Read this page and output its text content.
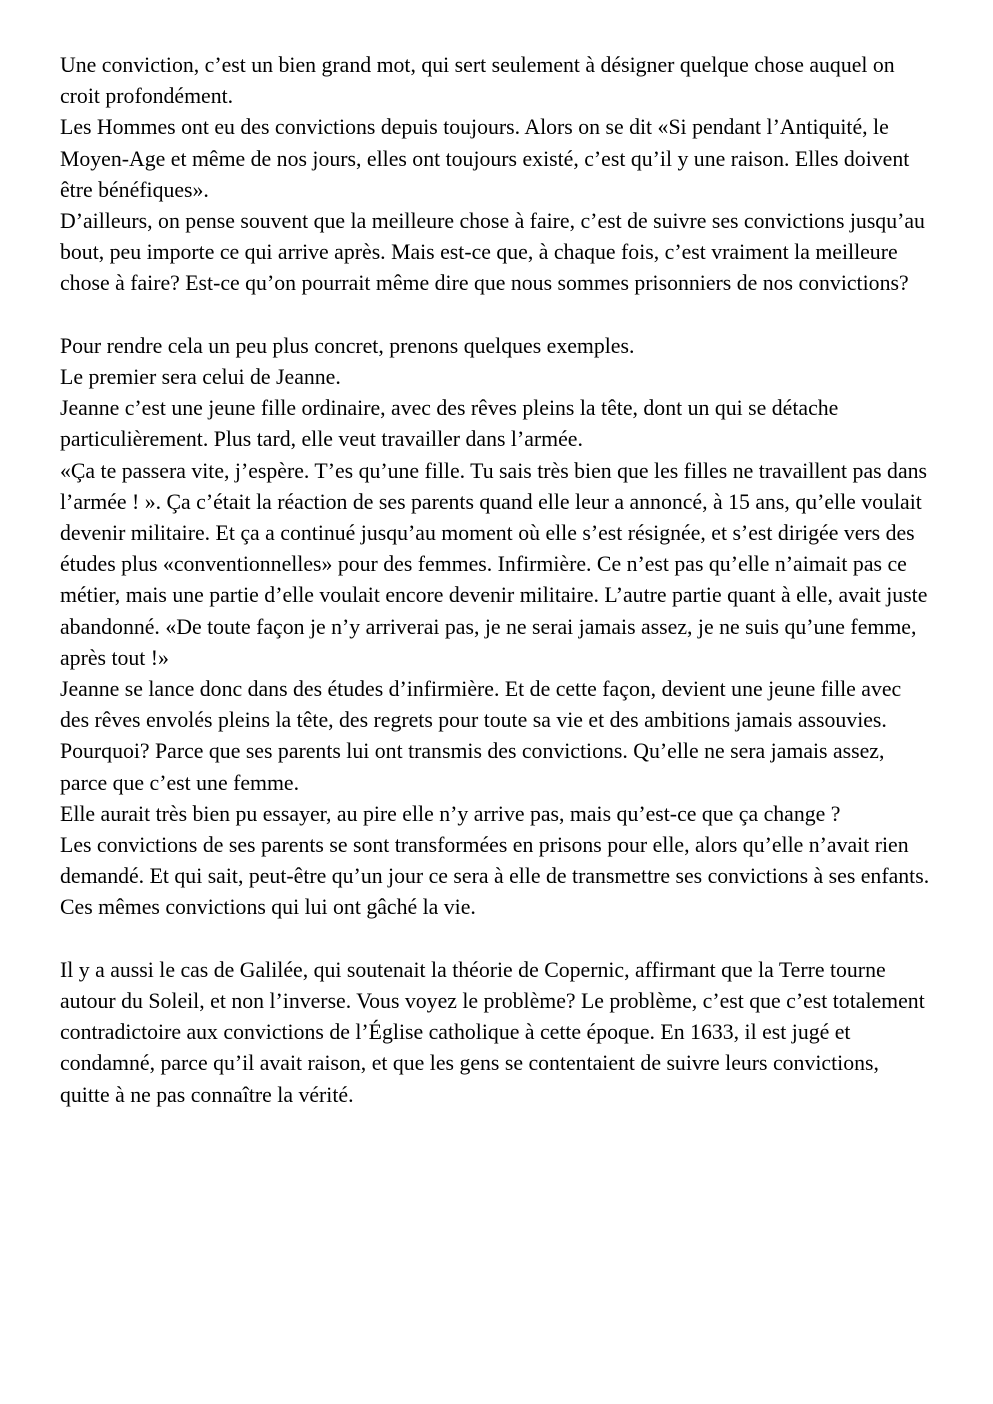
Une conviction, c’est un bien grand mot, qui sert seulement à désigner quelque chose auquel on croit profondément.
Les Hommes ont eu des convictions depuis toujours. Alors on se dit «Si pendant l’Antiquité, le Moyen-Age et même de nos jours, elles ont toujours existé, c’est qu’il y une raison. Elles doivent être bénéfiques».
D’ailleurs, on pense souvent que la meilleure chose à faire, c’est de suivre ses convictions jusqu’au bout, peu importe ce qui arrive après. Mais est-ce que, à chaque fois, c’est vraiment la meilleure chose à faire? Est-ce qu’on pourrait même dire que nous sommes prisonniers de nos convictions?
Pour rendre cela un peu plus concret, prenons quelques exemples.
Le premier sera celui de Jeanne.
Jeanne c’est une jeune fille ordinaire, avec des rêves pleins la tête, dont un qui se détache particulièrement. Plus tard, elle veut travailler dans l’armée.
«Ça te passera vite, j’espère. T’es qu’une fille. Tu sais très bien que les filles ne travaillent pas dans l’armée ! ». Ça c’était la réaction de ses parents quand elle leur a annoncé, à 15 ans, qu’elle voulait devenir militaire. Et ça a continué jusqu’au moment où elle s’est résignée, et s’est dirigée vers des études plus «conventionnelles» pour des femmes. Infirmière. Ce n’est pas qu’elle n’aimait pas ce métier, mais une partie d’elle voulait encore devenir militaire. L’autre partie quant à elle, avait juste abandonné. «De toute façon je n’y arriverai pas, je ne serai jamais assez, je ne suis qu’une femme, après tout !»
Jeanne se lance donc dans des études d’infirmière. Et de cette façon, devient une jeune fille avec des rêves envolés pleins la tête, des regrets pour toute sa vie et des ambitions jamais assouvies.
Pourquoi? Parce que ses parents lui ont transmis des convictions. Qu’elle ne sera jamais assez, parce que c’est une femme.
Elle aurait très bien pu essayer, au pire elle n’y arrive pas, mais qu’est-ce que ça change ?
Les convictions de ses parents se sont transformées en prisons pour elle, alors qu’elle n’avait rien demandé. Et qui sait, peut-être qu’un jour ce sera à elle de transmettre ses convictions à ses enfants.
Ces mêmes convictions qui lui ont gâché la vie.
Il y a aussi le cas de Galilée, qui soutenait la théorie de Copernic, affirmant que la Terre tourne autour du Soleil, et non l’inverse. Vous voyez le problème? Le problème, c’est que c’est totalement contradictoire aux convictions de l’Église catholique à cette époque. En 1633, il est jugé et condamné, parce qu’il avait raison, et que les gens se contentaient de suivre leurs convictions, quitte à ne pas connaître la vérité.
